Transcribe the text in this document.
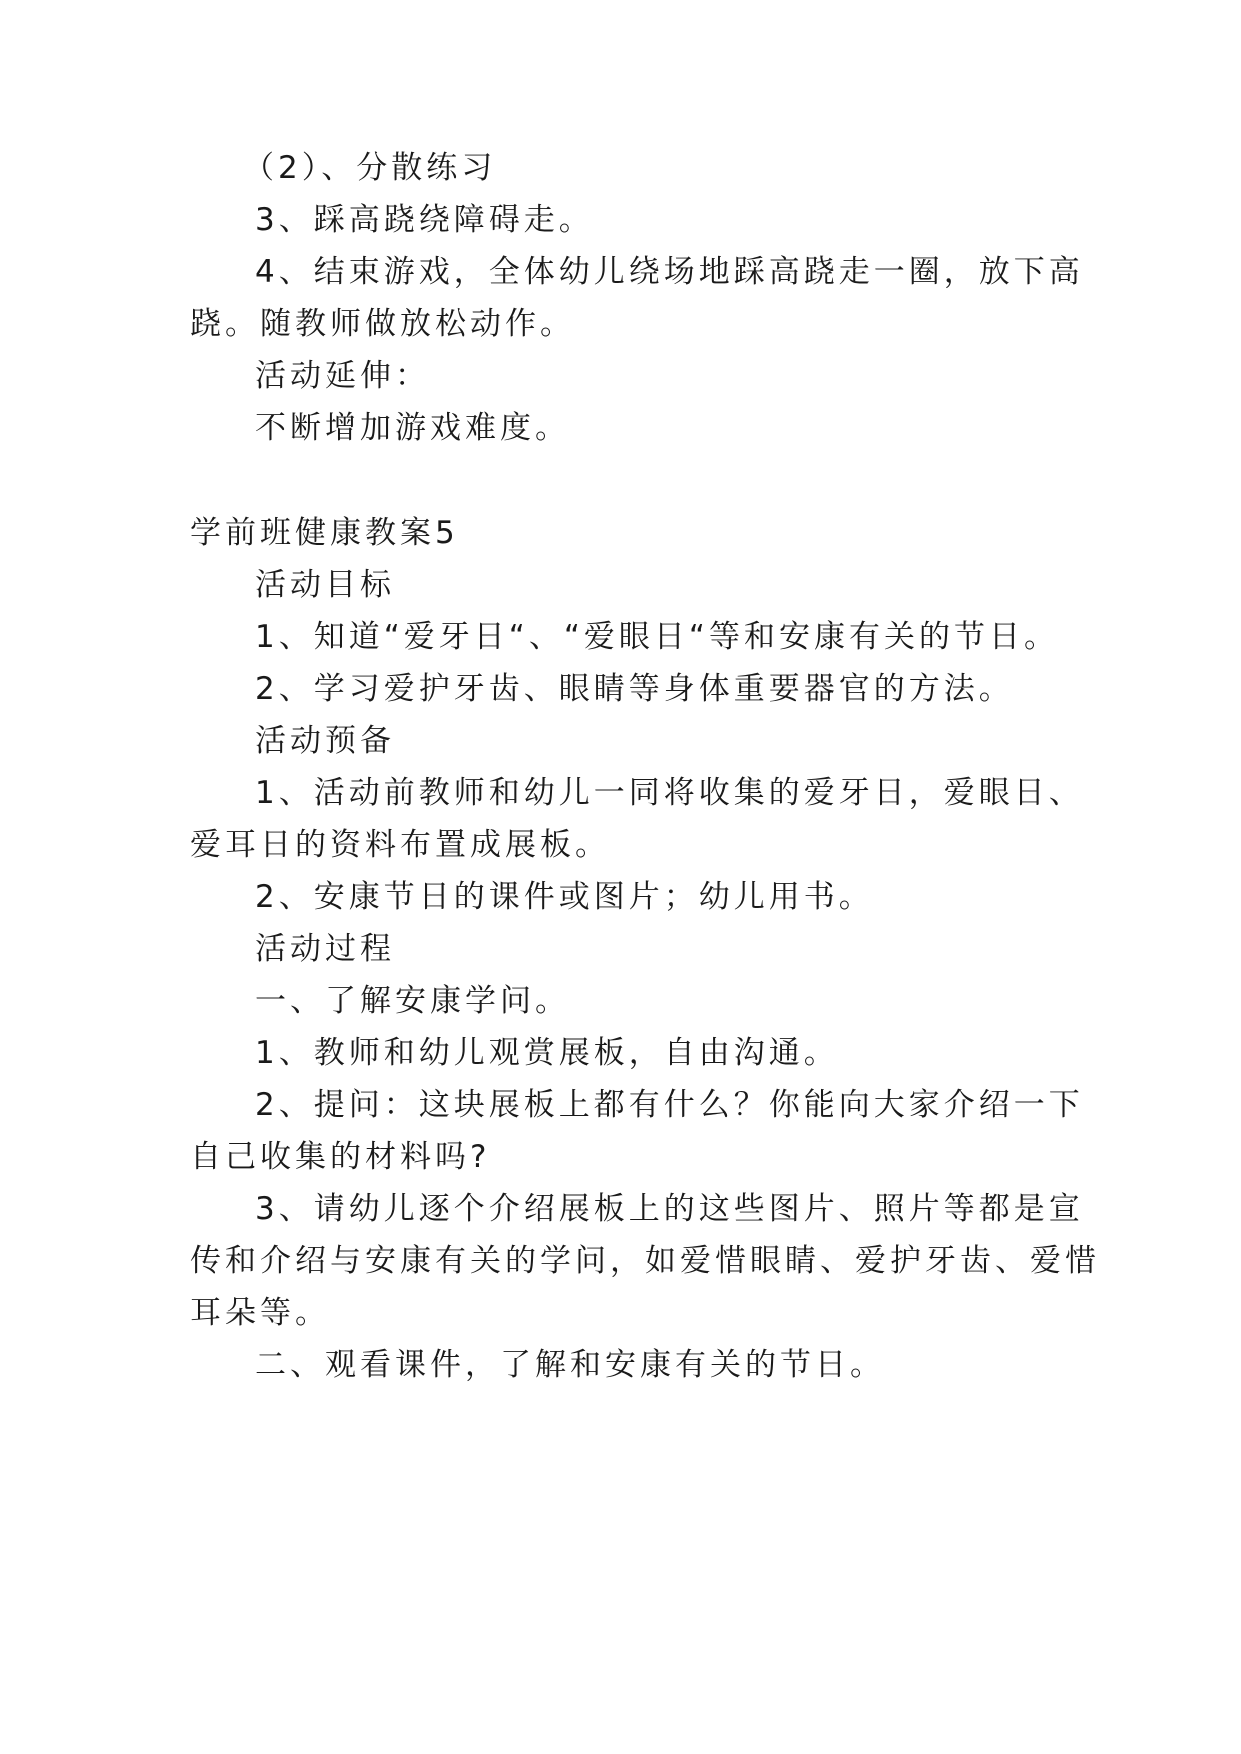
（2）、分散练习
3、踩高跷绕障碍走。
4、结束游戏，全体幼儿绕场地踩高跷走一圈，放下高
跷。随教师做放松动作。
活动延伸：
不断增加游戏难度。
学前班健康教案5
活动目标
1、知道“爱牙日“、“爱眼日“等和安康有关的节日。
2、学习爱护牙齿、眼睛等身体重要器官的方法。
活动预备
1、活动前教师和幼儿一同将收集的爱牙日，爱眼日、
爱耳日的资料布置成展板。
2、安康节日的课件或图片；幼儿用书。
活动过程
一、了解安康学问。
1、教师和幼儿观赏展板，自由沟通。
2、提问：这块展板上都有什么？你能向大家介绍一下
自己收集的材料吗?
3、请幼儿逐个介绍展板上的这些图片、照片等都是宣
传和介绍与安康有关的学问，如爱惜眼睛、爱护牙齿、爱惜
耳朵等。
二、观看课件，了解和安康有关的节日。
